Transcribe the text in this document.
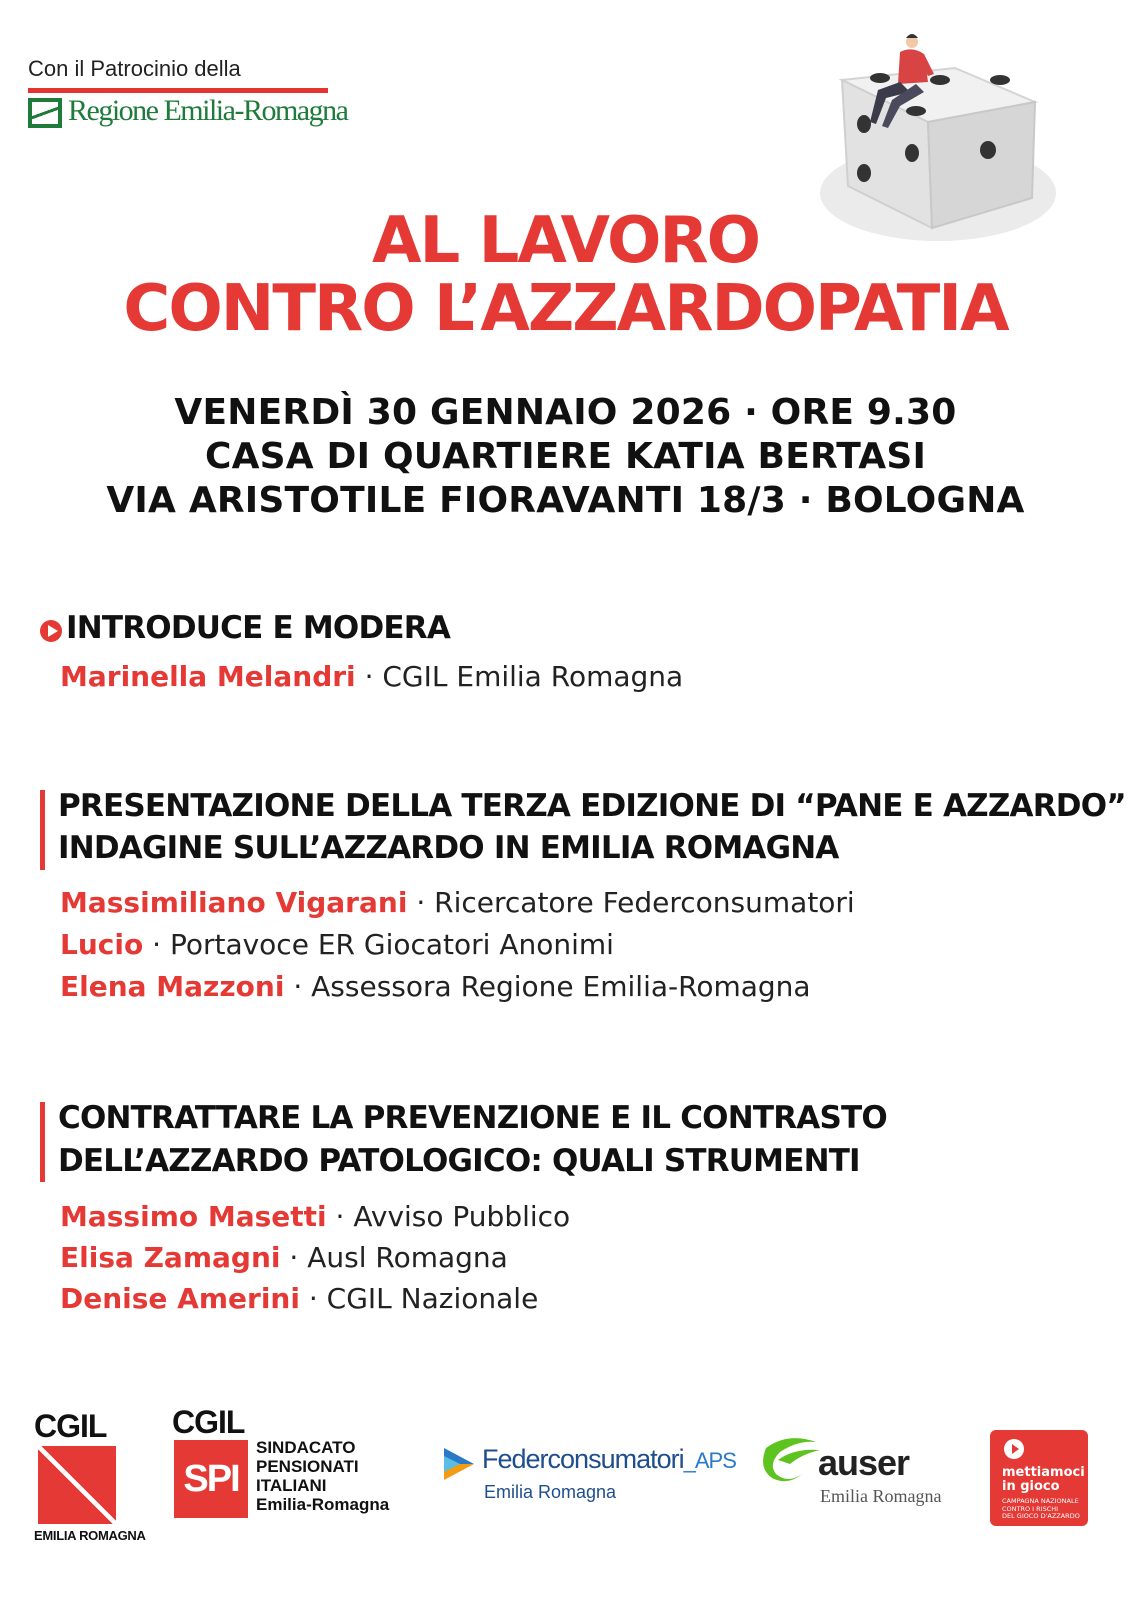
Con il Patrocinio della
Regione Emilia-Romagna
AL LAVORO
CONTRO L’AZZARDOPATIA
VENERDÌ 30 GENNAIO 2026 · ORE 9.30
CASA DI QUARTIERE KATIA BERTASI
VIA ARISTOTILE FIORAVANTI 18/3 · BOLOGNA
INTRODUCE E MODERA
Marinella Melandri · CGIL Emilia Romagna
PRESENTAZIONE DELLA TERZA EDIZIONE DI “PANE E AZZARDO”
INDAGINE SULL’AZZARDO IN EMILIA ROMAGNA
Massimiliano Vigarani · Ricercatore Federconsumatori
Lucio · Portavoce ER Giocatori Anonimi
Elena Mazzoni · Assessora Regione Emilia-Romagna
CONTRATTARE LA PREVENZIONE E IL CONTRASTO
DELL’AZZARDO PATOLOGICO: QUALI STRUMENTI
Massimo Masetti · Avviso Pubblico
Elisa Zamagni · Ausl Romagna
Denise Amerini · CGIL Nazionale
CGIL
EMILIA ROMAGNA
CGIL
SPI
SINDACATO
PENSIONATI
ITALIANI
Emilia-Romagna
Federconsumatori_APS
Emilia Romagna
auser
Emilia Romagna
mettiamoci
in gioco
CAMPAGNA NAZIONALE
CONTRO I RISCHI
DEL GIOCO D'AZZARDO
